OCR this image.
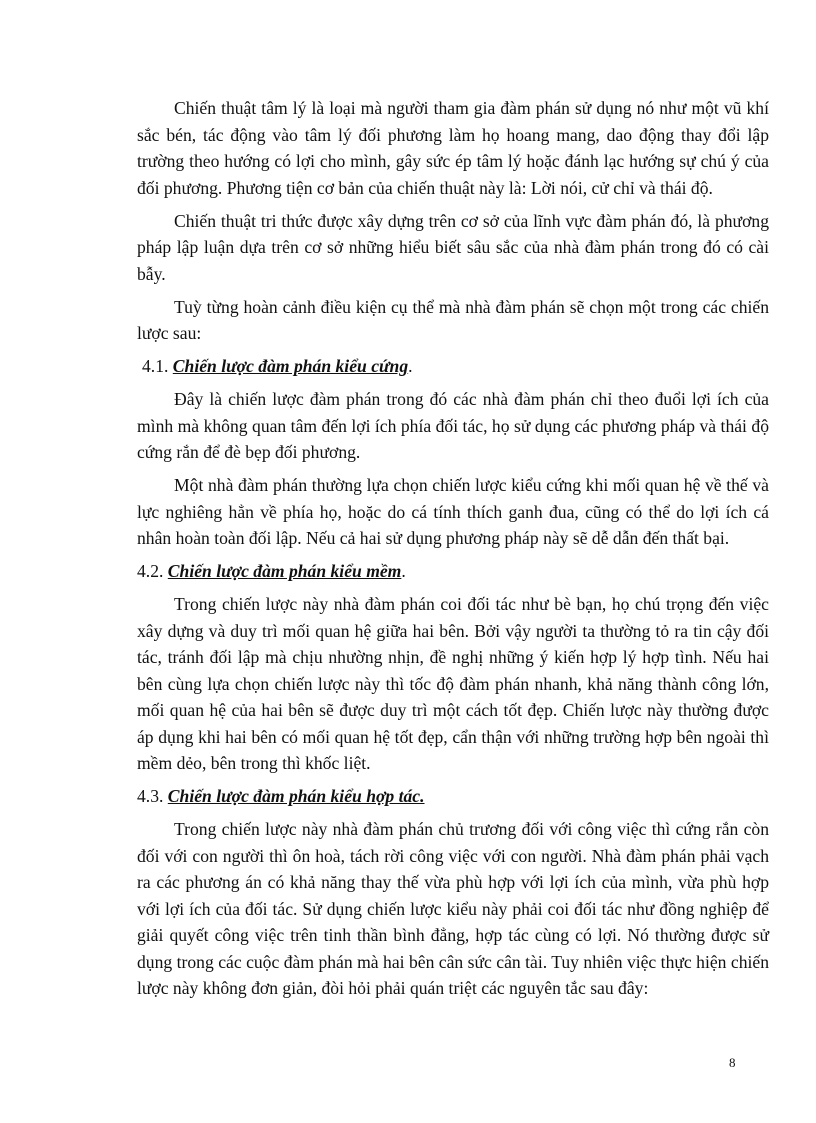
Chiến thuật tâm lý là loại mà người tham gia đàm phán sử dụng nó như một vũ khí sắc bén, tác động vào tâm lý đối phương làm họ hoang mang, dao động thay đổi lập trường theo hướng có lợi cho mình, gây sức ép tâm lý hoặc đánh lạc hướng sự chú ý của đối phương. Phương tiện cơ bản của chiến thuật này là: Lời nói, cử chỉ và thái độ.

Chiến thuật tri thức được xây dựng trên cơ sở của lĩnh vực đàm phán đó, là phương pháp lập luận dựa trên cơ sở những hiểu biết sâu sắc của nhà đàm phán trong đó có cài bẫy.

Tuỳ từng hoàn cảnh điều kiện cụ thể mà nhà đàm phán sẽ chọn một trong các chiến lược sau:

4.1. Chiến lược đàm phán kiểu cứng.

Đây là chiến lược đàm phán trong đó các nhà đàm phán chỉ theo đuổi lợi ích của mình mà không quan tâm đến lợi ích phía đối tác, họ sử dụng các phương pháp và thái độ cứng rắn để đè bẹp đối phương.

Một nhà đàm phán thường lựa chọn chiến lược kiểu cứng khi mối quan hệ về thế và lực nghiêng hẳn về phía họ, hoặc do cá tính thích ganh đua, cũng có thể do lợi ích cá nhân hoàn toàn đối lập. Nếu cả hai sử dụng phương pháp này sẽ dễ dẫn đến thất bại.

4.2. Chiến lược đàm phán kiểu mềm.

Trong chiến lược này nhà đàm phán coi đối tác như bè bạn, họ chú trọng đến việc xây dựng và duy trì mối quan hệ giữa hai bên. Bởi vậy người ta thường tỏ ra tin cậy đối tác, tránh đối lập mà chịu nhường nhịn, đề nghị những ý kiến hợp lý hợp tình. Nếu hai bên cùng lựa chọn chiến lược này thì tốc độ đàm phán nhanh, khả năng thành công lớn, mối quan hệ của hai bên sẽ được duy trì một cách tốt đẹp. Chiến lược này thường được áp dụng khi hai bên có mối quan hệ tốt đẹp, cẩn thận với những trường hợp bên ngoài thì mềm dẻo, bên trong thì khốc liệt.

4.3. Chiến lược đàm phán kiểu hợp tác.

Trong chiến lược này nhà đàm phán chủ trương đối với công việc thì cứng rắn còn đối với con người thì ôn hoà, tách rời công việc với con người. Nhà đàm phán phải vạch ra các phương án có khả năng thay thế vừa phù hợp với lợi ích của mình, vừa phù hợp với lợi ích của đối tác. Sử dụng chiến lược kiểu này phải coi đối tác như đồng nghiệp để giải quyết công việc trên tinh thần bình đẳng, hợp tác cùng có lợi. Nó thường được sử dụng trong các cuộc đàm phán mà hai bên cân sức cân tài. Tuy nhiên việc thực hiện chiến lược này không đơn giản, đòi hỏi phải quán triệt các nguyên tắc sau đây:

8
